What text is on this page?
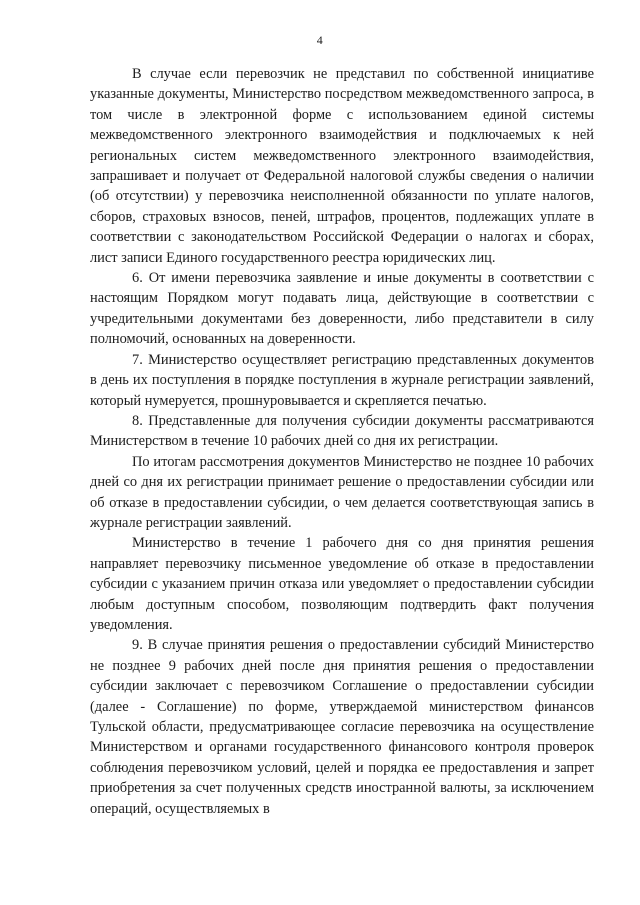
4

В случае если перевозчик не представил по собственной инициативе указанные документы, Министерство посредством межведомственного запроса, в том числе в электронной форме с использованием единой системы межведомственного электронного взаимодействия и подключаемых к ней региональных систем межведомственного электронного взаимодействия, запрашивает и получает от Федеральной налоговой службы сведения о наличии (об отсутствии) у перевозчика неисполненной обязанности по уплате налогов, сборов, страховых взносов, пеней, штрафов, процентов, подлежащих уплате в соответствии с законодательством Российской Федерации о налогах и сборах, лист записи Единого государственного реестра юридических лиц.

6. От имени перевозчика заявление и иные документы в соответствии с настоящим Порядком могут подавать лица, действующие в соответствии с учредительными документами без доверенности, либо представители в силу полномочий, основанных на доверенности.

7. Министерство осуществляет регистрацию представленных документов в день их поступления в порядке поступления в журнале регистрации заявлений, который нумеруется, прошнуровывается и скрепляется печатью.

8. Представленные для получения субсидии документы рассматриваются Министерством в течение 10 рабочих дней со дня их регистрации.

По итогам рассмотрения документов Министерство не позднее 10 рабочих дней со дня их регистрации принимает решение о предоставлении субсидии или об отказе в предоставлении субсидии, о чем делается соответствующая запись в журнале регистрации заявлений.

Министерство в течение 1 рабочего дня со дня принятия решения направляет перевозчику письменное уведомление об отказе в предоставлении субсидии с указанием причин отказа или уведомляет о предоставлении субсидии любым доступным способом, позволяющим подтвердить факт получения уведомления.

9. В случае принятия решения о предоставлении субсидий Министерство не позднее 9 рабочих дней после дня принятия решения о предоставлении субсидии заключает с перевозчиком Соглашение о предоставлении субсидии (далее - Соглашение) по форме, утверждаемой министерством финансов Тульской области, предусматривающее согласие перевозчика на осуществление Министерством и органами государственного финансового контроля проверок соблюдения перевозчиком условий, целей и порядка ее предоставления и запрет приобретения за счет полученных средств иностранной валюты, за исключением операций, осуществляемых в
